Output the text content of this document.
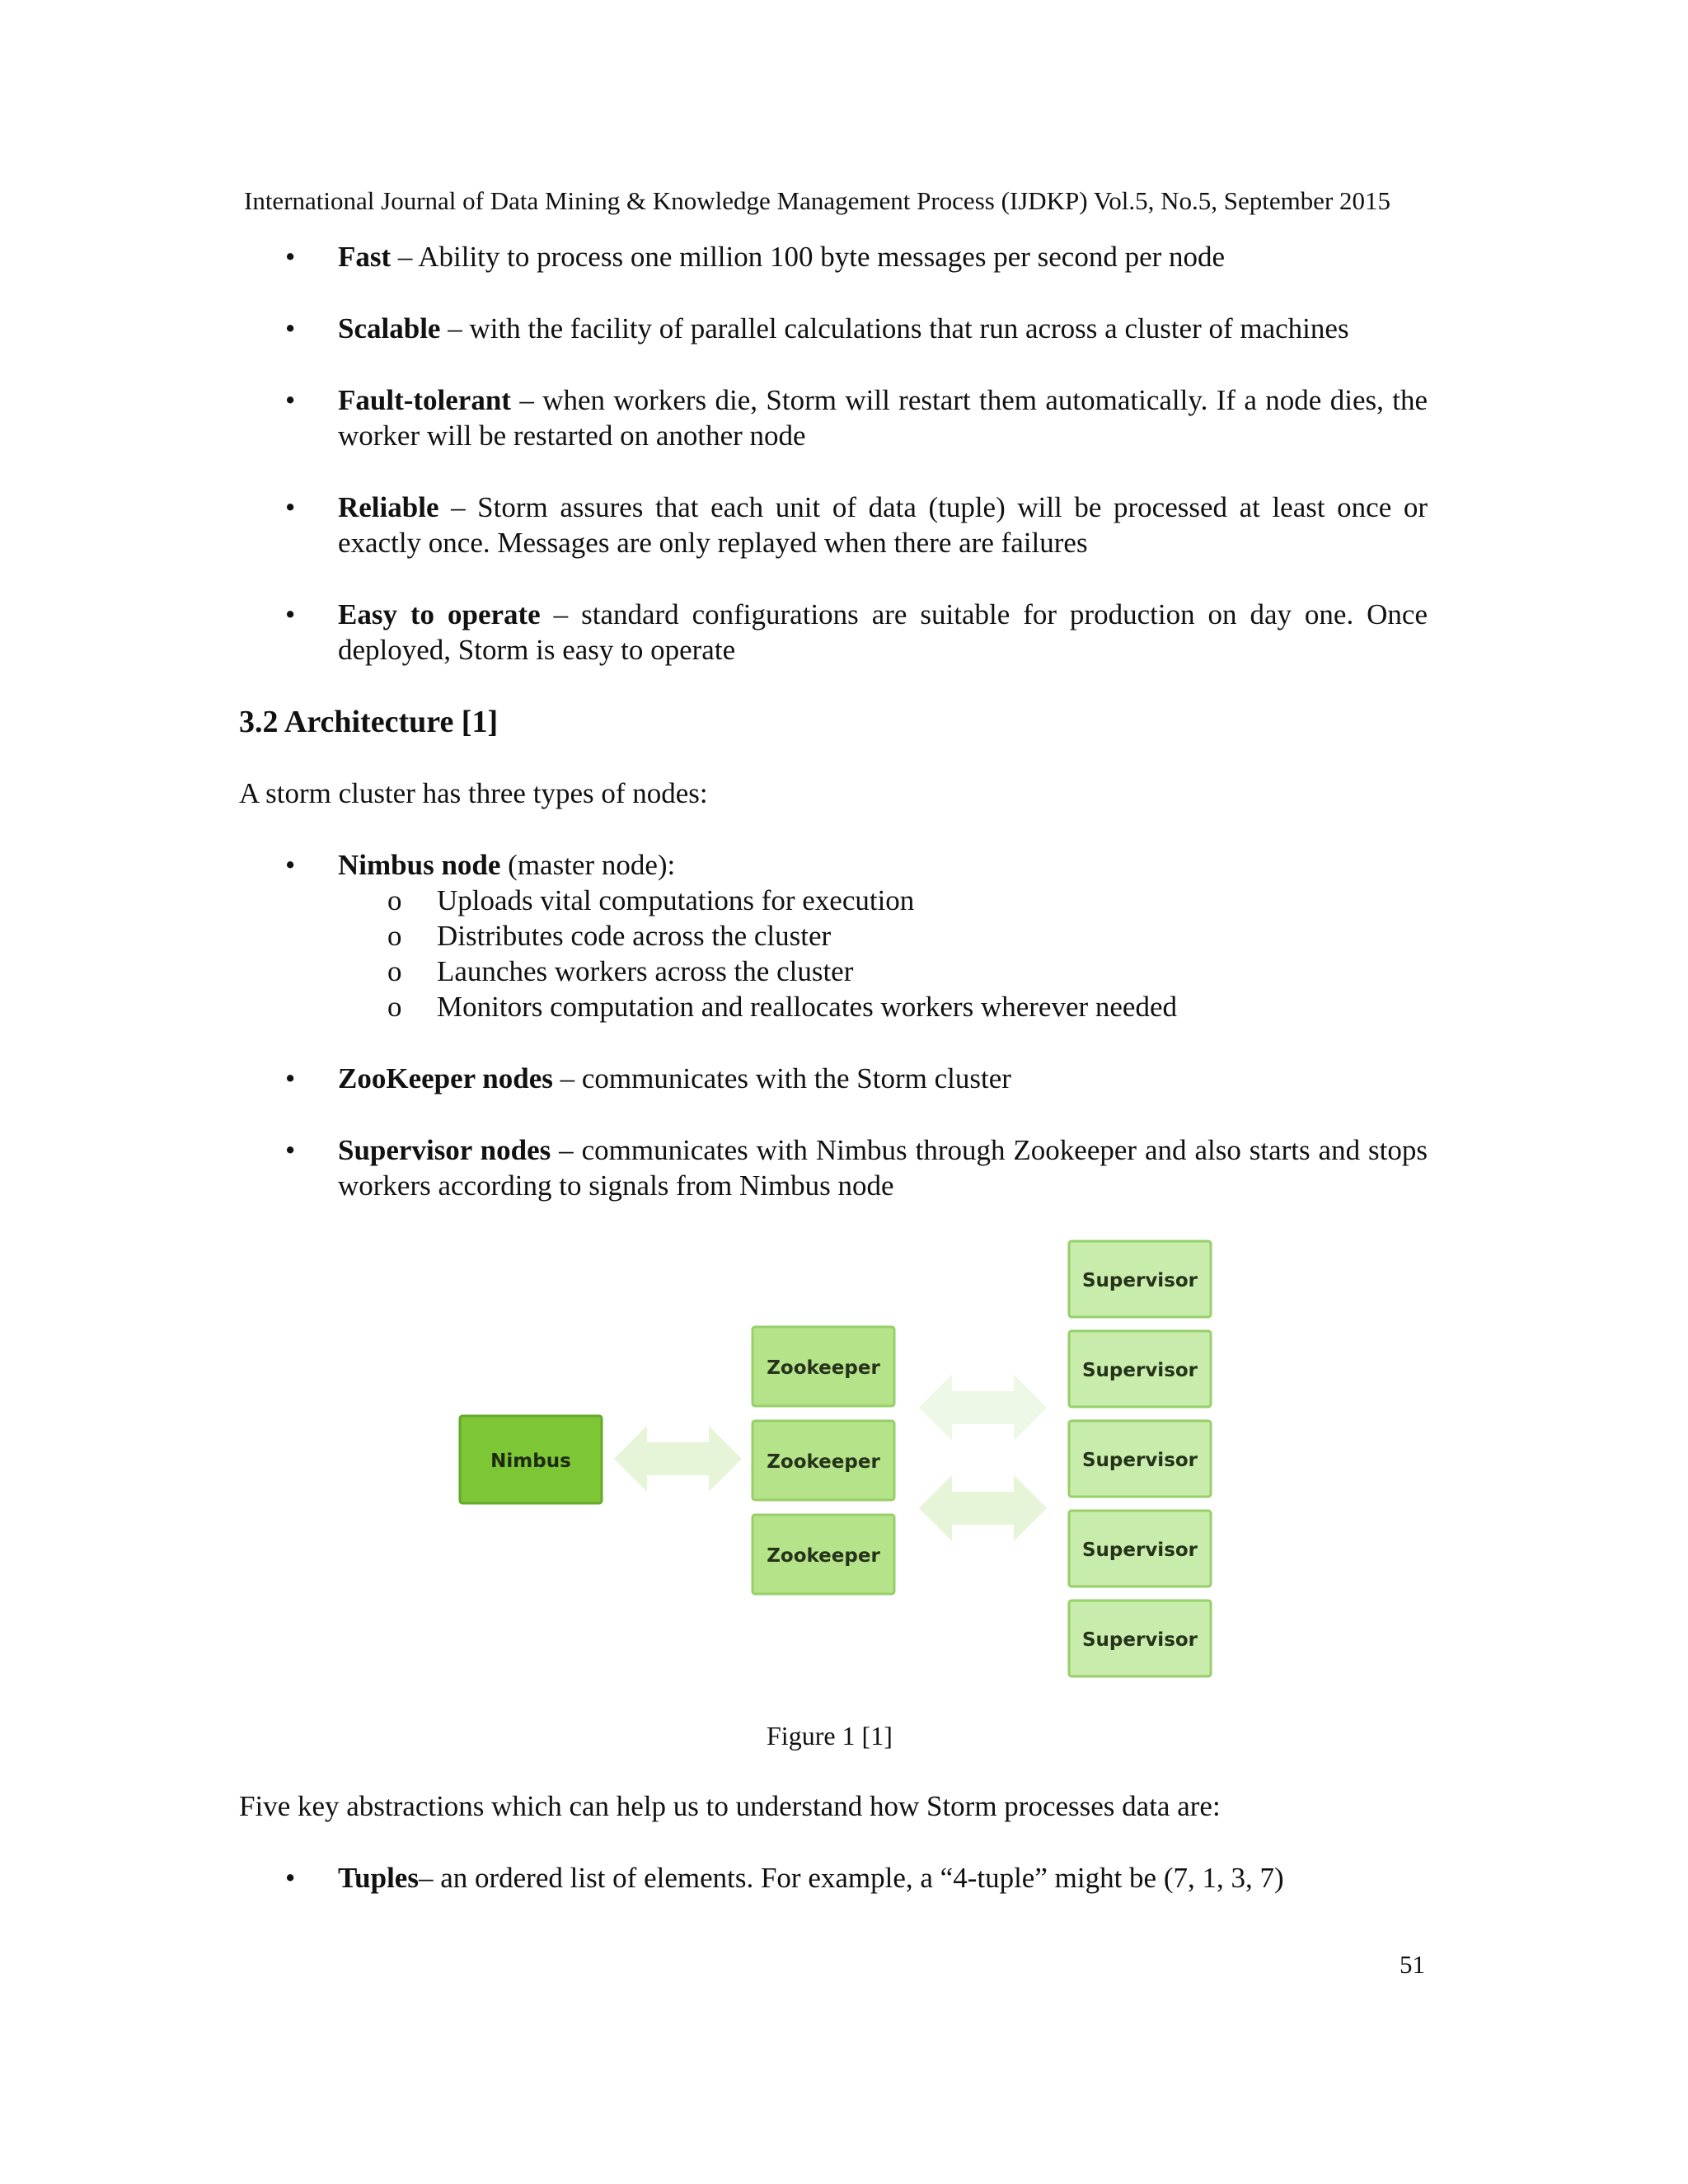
International Journal of Data Mining & Knowledge Management Process (IJDKP) Vol.5, No.5, September 2015
•	Fast – Ability to process one million 100 byte messages per second per node
•	Scalable – with the facility of parallel calculations that run across a cluster of machines
•	Fault-tolerant – when workers die, Storm will restart them automatically. If a node dies, the worker will be restarted on another node
•	Reliable – Storm assures that each unit of data (tuple) will be processed at least once or exactly once. Messages are only replayed when there are failures
•	Easy to operate – standard configurations are suitable for production on day one. Once deployed, Storm is easy to operate
3.2 Architecture [1]
A storm cluster has three types of nodes:
•	Nimbus node (master node):
o Uploads vital computations for execution
o Distributes code across the cluster
o Launches workers across the cluster
o Monitors computation and reallocates workers wherever needed
•	ZooKeeper nodes – communicates with the Storm cluster
•	Supervisor nodes – communicates with Nimbus through Zookeeper and also starts and stops workers according to signals from Nimbus node
Nimbus
Zookeeper
Zookeeper
Zookeeper
Supervisor
Supervisor
Supervisor
Supervisor
Supervisor
Figure 1 [1]
Five key abstractions which can help us to understand how Storm processes data are:
•	Tuples– an ordered list of elements. For example, a “4-tuple” might be (7, 1, 3, 7)
51
